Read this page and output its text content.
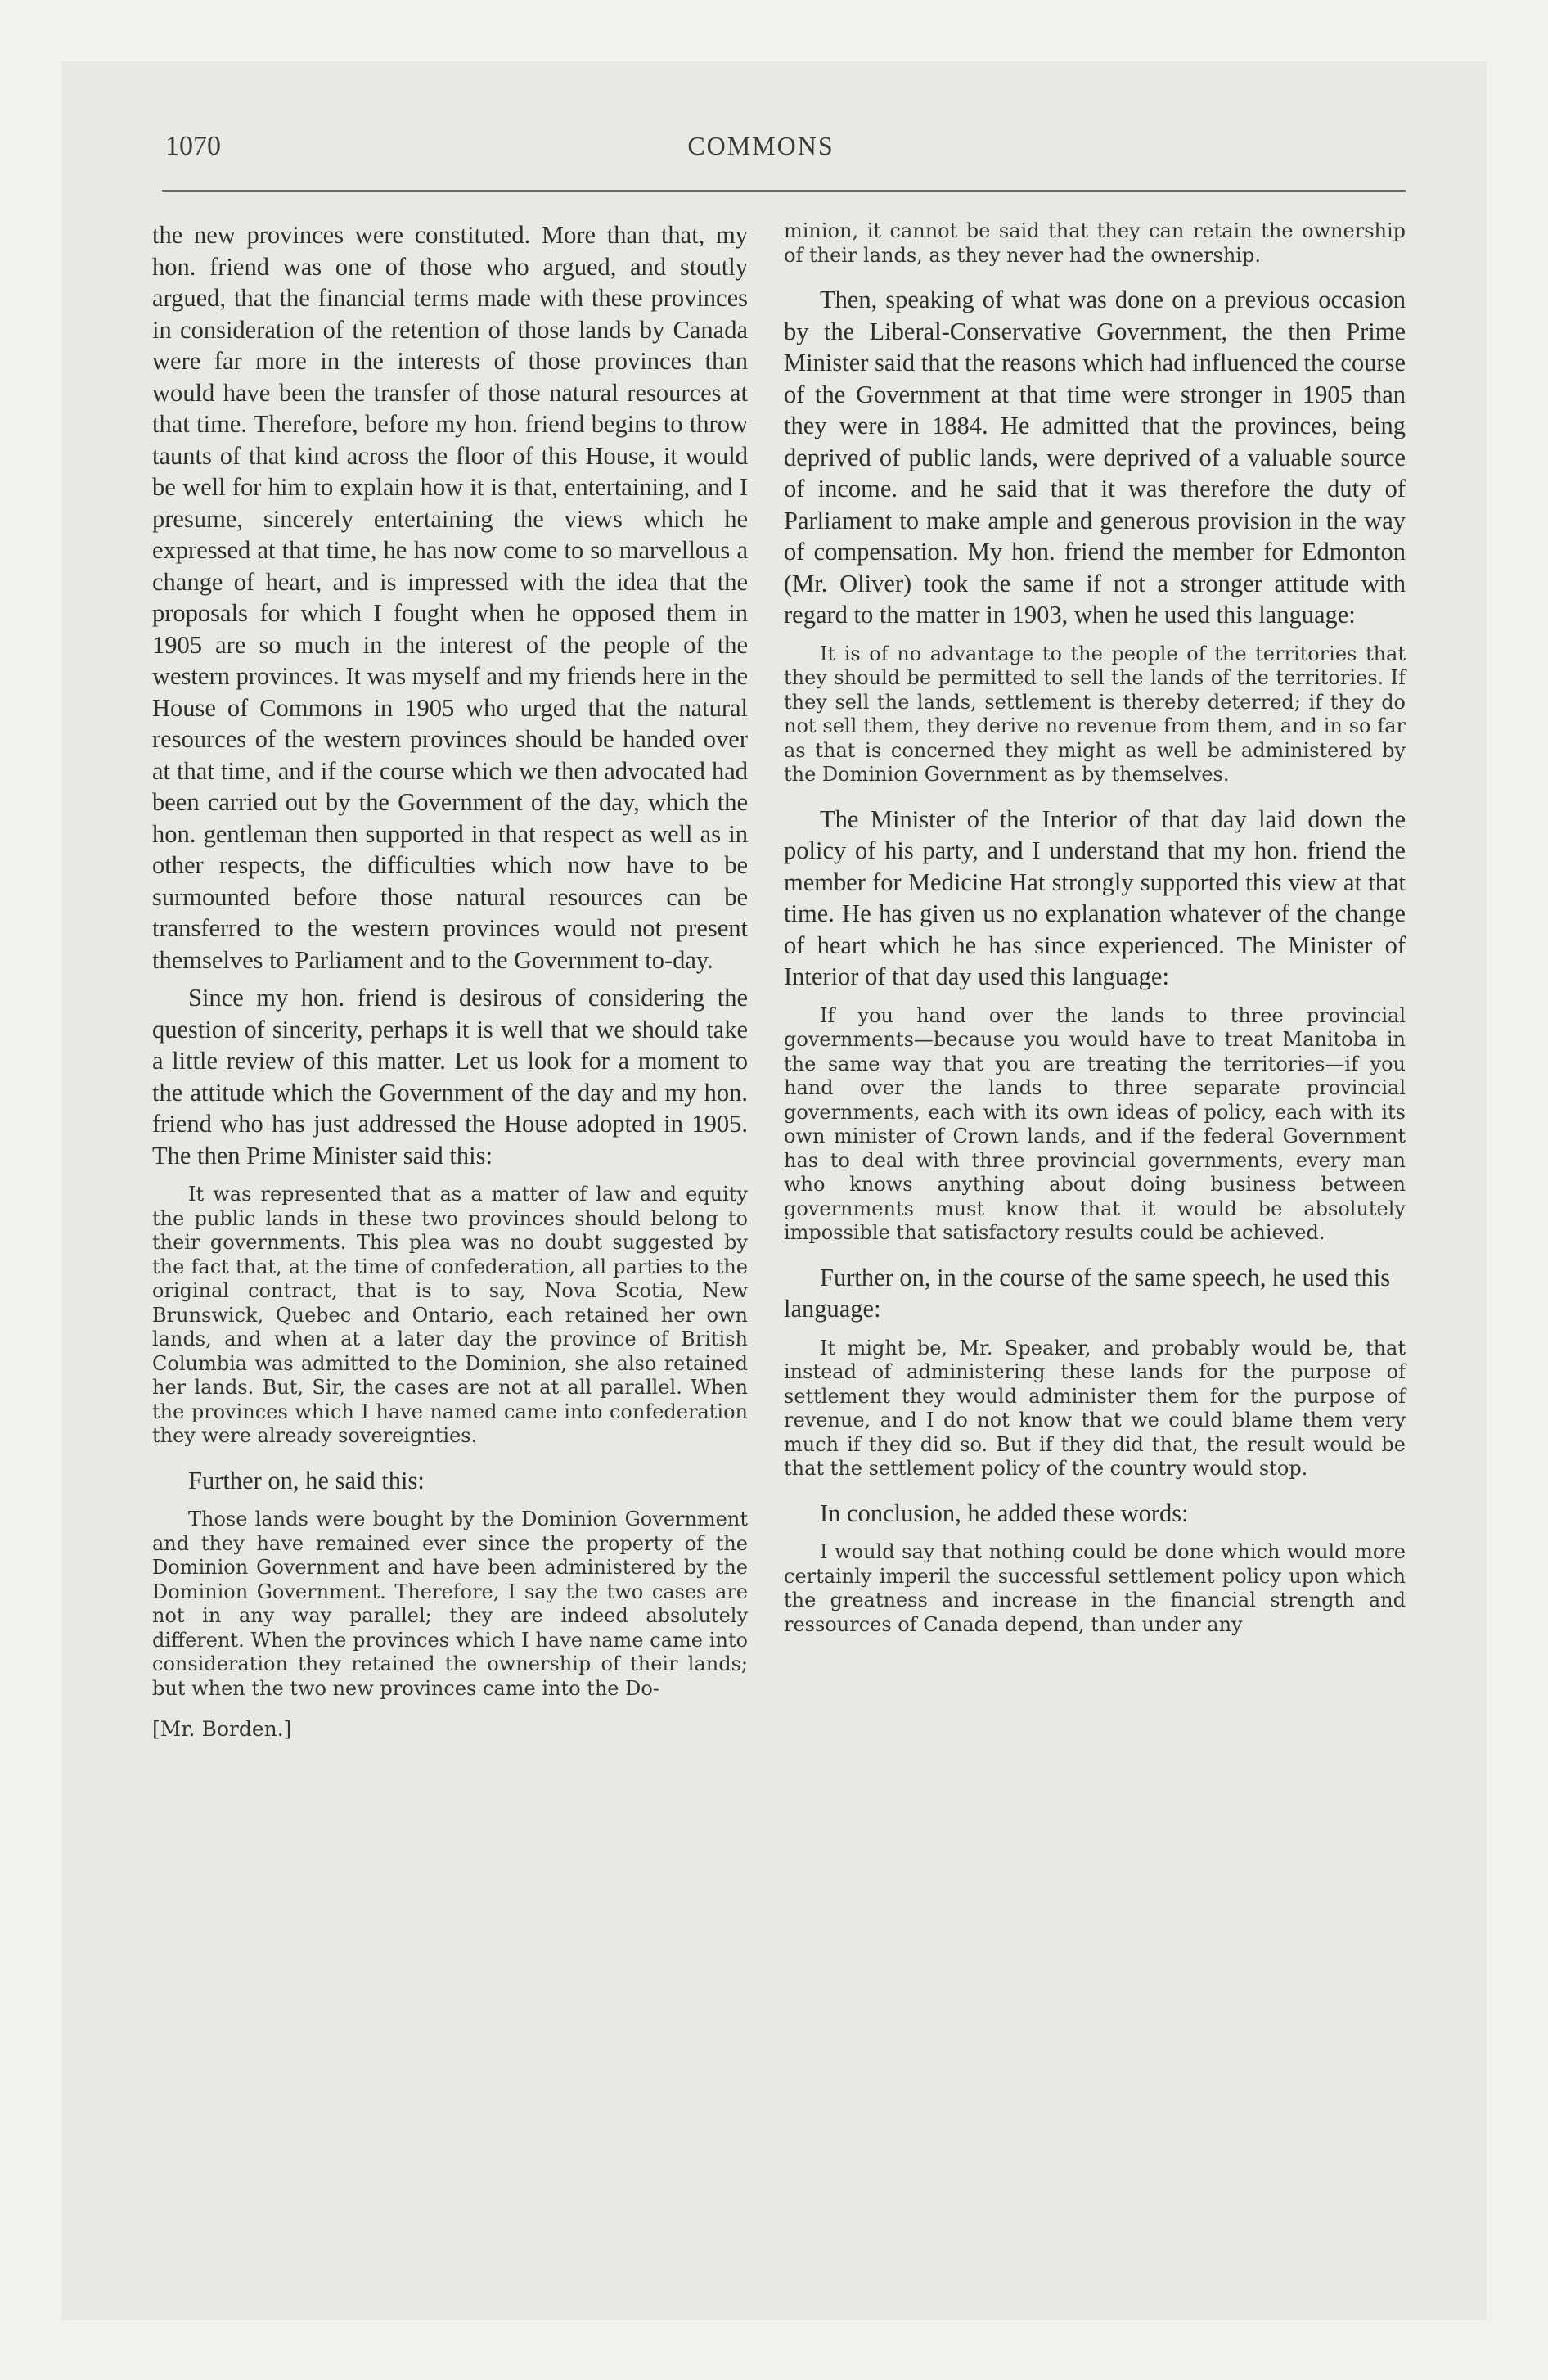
1070	COMMONS

the new provinces were constituted. More than that, my hon. friend was one of those who argued, and stoutly argued, that the financial terms made with these provinces in consideration of the retention of those lands by Canada were far more in the interests of those provinces than would have been the transfer of those natural resources at that time. Therefore, before my hon. friend begins to throw taunts of that kind across the floor of this House, it would be well for him to explain how it is that, entertaining, and I presume, sincerely entertaining the views which he expressed at that time, he has now come to so marvellous a change of heart, and is impressed with the idea that the proposals for which I fought when he opposed them in 1905 are so much in the interest of the people of the western provinces. It was myself and my friends here in the House of Commons in 1905 who urged that the natural resources of the western provinces should be handed over at that time, and if the course which we then advocated had been carried out by the Government of the day, which the hon. gentleman then supported in that respect as well as in other respects, the difficulties which now have to be surmounted before those natural resources can be transferred to the western provinces would not present themselves to Parliament and to the Government to-day.

Since my hon. friend is desirous of considering the question of sincerity, perhaps it is well that we should take a little review of this matter. Let us look for a moment to the attitude which the Government of the day and my hon. friend who has just addressed the House adopted in 1905. The then Prime Minister said this:

It was represented that as a matter of law and equity the public lands in these two provinces should belong to their governments. This plea was no doubt suggested by the fact that, at the time of confederation, all parties to the original contract, that is to say, Nova Scotia, New Brunswick, Quebec and Ontario, each retained her own lands, and when at a later day the province of British Columbia was admitted to the Dominion, she also retained her lands. But, Sir, the cases are not at all parallel. When the provinces which I have named came into confederation they were already sovereignties.

Further on, he said this:

Those lands were bought by the Dominion Government and they have remained ever since the property of the Dominion Government and have been administered by the Dominion Government. Therefore, I say the two cases are not in any way parallel; they are indeed absolutely different. When the provinces which I have name came into consideration they retained the ownership of their lands; but when the two new provinces came into the Do-

[Mr. Borden.]

minion, it cannot be said that they can retain the ownership of their lands, as they never had the ownership.

Then, speaking of what was done on a previous occasion by the Liberal-Conservative Government, the then Prime Minister said that the reasons which had influenced the course of the Government at that time were stronger in 1905 than they were in 1884. He admitted that the provinces, being deprived of public lands, were deprived of a valuable source of income. and he said that it was therefore the duty of Parliament to make ample and generous provision in the way of compensation. My hon. friend the member for Edmonton (Mr. Oliver) took the same if not a stronger attitude with regard to the matter in 1903, when he used this language:

It is of no advantage to the people of the territories that they should be permitted to sell the lands of the territories. If they sell the lands, settlement is thereby deterred; if they do not sell them, they derive no revenue from them, and in so far as that is concerned they might as well be administered by the Dominion Government as by themselves.

The Minister of the Interior of that day laid down the policy of his party, and I understand that my hon. friend the member for Medicine Hat strongly supported this view at that time. He has given us no explanation whatever of the change of heart which he has since experienced. The Minister of Interior of that day used this language:

If you hand over the lands to three provincial governments—because you would have to treat Manitoba in the same way that you are treating the territories—if you hand over the lands to three separate provincial governments, each with its own ideas of policy, each with its own minister of Crown lands, and if the federal Government has to deal with three provincial governments, every man who knows anything about doing business between governments must know that it would be absolutely impossible that satisfactory results could be achieved.

Further on, in the course of the same speech, he used this language:

It might be, Mr. Speaker, and probably would be, that instead of administering these lands for the purpose of settlement they would administer them for the purpose of revenue, and I do not know that we could blame them very much if they did so. But if they did that, the result would be that the settlement policy of the country would stop.

In conclusion, he added these words:

I would say that nothing could be done which would more certainly imperil the successful settlement policy upon which the greatness and increase in the financial strength and ressources of Canada depend, than under any
